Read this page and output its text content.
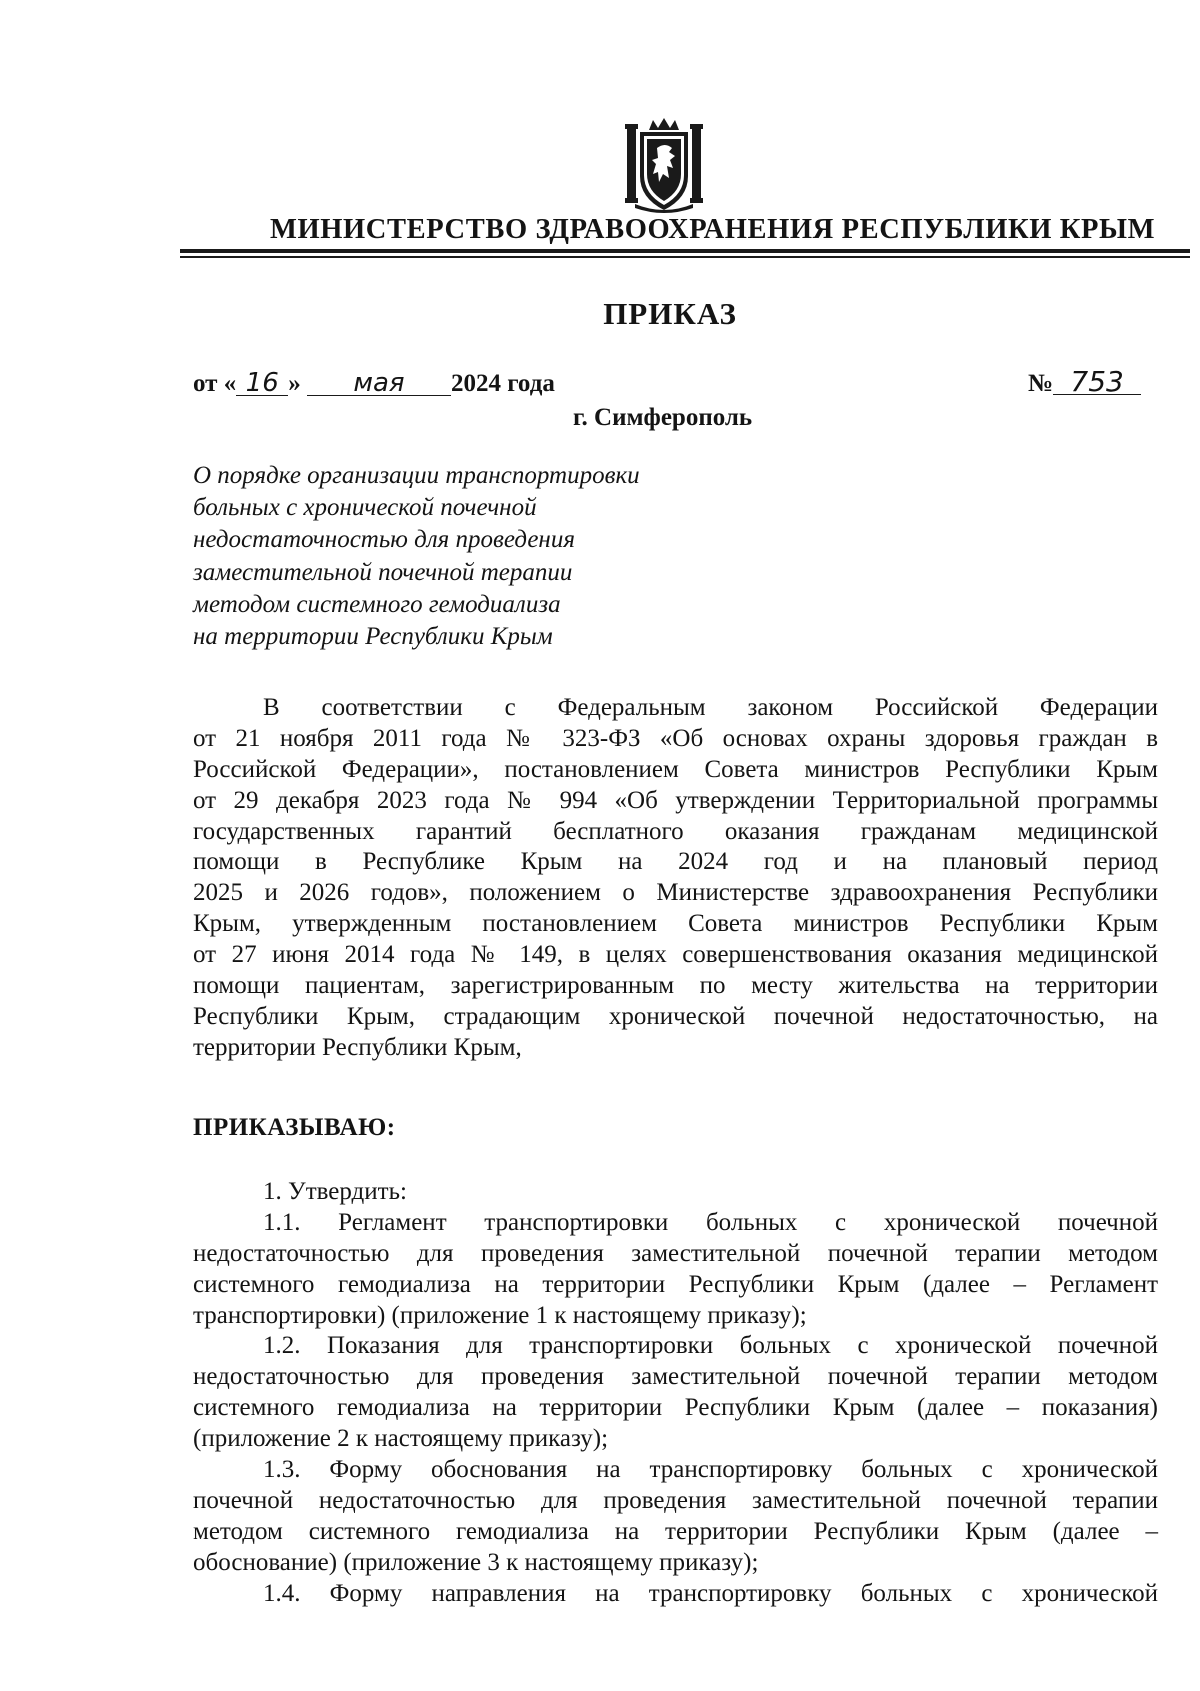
МИНИСТЕРСТВО ЗДРАВООХРАНЕНИЯ РЕСПУБЛИКИ КРЫМ
ПРИКАЗ
от « 16 » мая 2024 года	№ 753
г. Симферополь
О порядке организации транспортировки
больных с хронической почечной
недостаточностью для проведения
заместительной почечной терапии
методом системного гемодиализа
на территории Республики Крым
В соответствии с Федеральным законом Российской Федерации
от 21 ноября 2011 года № 323-ФЗ «Об основах охраны здоровья граждан в
Российской Федерации», постановлением Совета министров Республики Крым
от 29 декабря 2023 года № 994 «Об утверждении Территориальной программы
государственных гарантий бесплатного оказания гражданам медицинской
помощи в Республике Крым на 2024 год и на плановый период
2025 и 2026 годов», положением о Министерстве здравоохранения Республики
Крым, утвержденным постановлением Совета министров Республики Крым
от 27 июня 2014 года № 149, в целях совершенствования оказания медицинской
помощи пациентам, зарегистрированным по месту жительства на территории
Республики Крым, страдающим хронической почечной недостаточностью, на
территории Республики Крым,
ПРИКАЗЫВАЮ:
1. Утвердить:
1.1. Регламент транспортировки больных с хронической почечной
недостаточностью для проведения заместительной почечной терапии методом
системного гемодиализа на территории Республики Крым (далее – Регламент
транспортировки) (приложение 1 к настоящему приказу);
1.2. Показания для транспортировки больных с хронической почечной
недостаточностью для проведения заместительной почечной терапии методом
системного гемодиализа на территории Республики Крым (далее – показания)
(приложение 2 к настоящему приказу);
1.3. Форму обоснования на транспортировку больных с хронической
почечной недостаточностью для проведения заместительной почечной терапии
методом системного гемодиализа на территории Республики Крым (далее –
обоснование) (приложение 3 к настоящему приказу);
1.4. Форму направления на транспортировку больных с хронической
